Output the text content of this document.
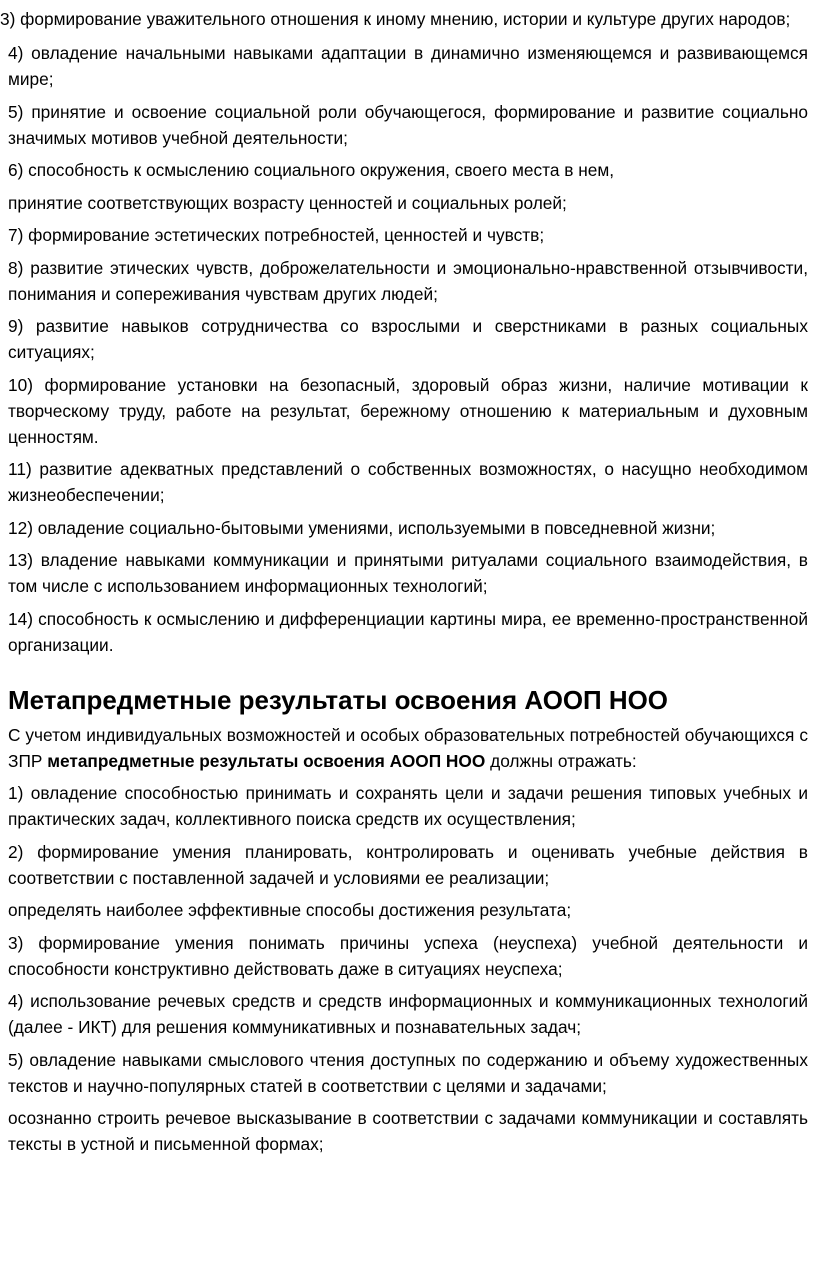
3) формирование уважительного отношения к иному мнению, истории и культуре других народов;

4) овладение начальными навыками адаптации в динамично изменяющемся и развивающемся мире;

5) принятие и освоение социальной роли обучающегося, формирование и развитие социально значимых мотивов учебной деятельности;

6) способность к осмыслению социального окружения, своего места в нем,

принятие соответствующих возрасту ценностей и социальных ролей;

7) формирование эстетических потребностей, ценностей и чувств;

8) развитие этических чувств, доброжелательности и эмоционально-нравственной отзывчивости, понимания и сопереживания чувствам других людей;

9) развитие навыков сотрудничества со взрослыми и сверстниками в разных социальных ситуациях;

10) формирование установки на безопасный, здоровый образ жизни, наличие мотивации к творческому труду, работе на результат, бережному отношению к материальным и духовным ценностям.

11) развитие адекватных представлений о собственных возможностях, о насущно необходимом жизнеобеспечении;

12) овладение социально-бытовыми умениями, используемыми в повседневной жизни;

13) владение навыками коммуникации и принятыми ритуалами социального взаимодействия, в том числе с использованием информационных технологий;

14) способность к осмыслению и дифференциации картины мира, ее временно-пространственной организации.

Метапредметные результаты освоения АООП НОО

С учетом индивидуальных возможностей и особых образовательных потребностей обучающихся с ЗПР метапредметные результаты освоения АООП НОО должны отражать:

1) овладение способностью принимать и сохранять цели и задачи решения типовых учебных и практических задач, коллективного поиска средств их осуществления;

2) формирование умения планировать, контролировать и оценивать учебные действия в соответствии с поставленной задачей и условиями ее реализации;

определять наиболее эффективные способы достижения результата;

3) формирование умения понимать причины успеха (неуспеха) учебной деятельности и способности конструктивно действовать даже в ситуациях неуспеха;

4) использование речевых средств и средств информационных и коммуникационных технологий (далее - ИКТ) для решения коммуникативных и познавательных задач;

5) овладение навыками смыслового чтения доступных по содержанию и объему художественных текстов и научно-популярных статей в соответствии с целями и задачами;

осознанно строить речевое высказывание в соответствии с задачами коммуникации и составлять тексты в устной и письменной формах;
